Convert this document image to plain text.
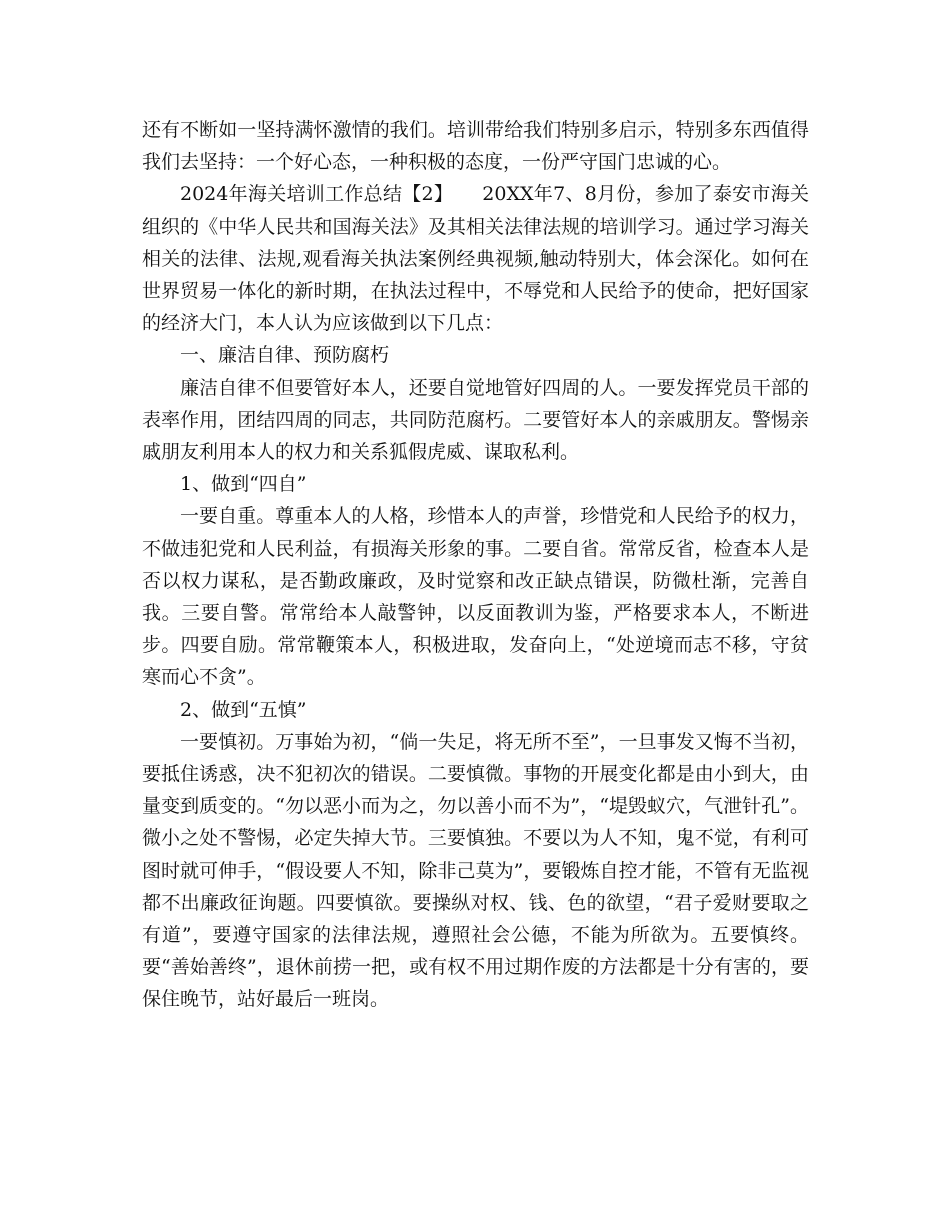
还有不断如一坚持满怀激情的我们。培训带给我们特别多启示，特别多东西值得我们去坚持：一个好心态，一种积极的态度，一份严守国门忠诚的心。

2024年海关培训工作总结【2】　　20XX年7、8月份，参加了泰安市海关组织的《中华人民共和国海关法》及其相关法律法规的培训学习。通过学习海关相关的法律、法规,观看海关执法案例经典视频,触动特别大，体会深化。如何在世界贸易一体化的新时期，在执法过程中，不辱党和人民给予的使命，把好国家的经济大门，本人认为应该做到以下几点：

一、廉洁自律、预防腐朽

廉洁自律不但要管好本人，还要自觉地管好四周的人。一要发挥党员干部的表率作用，团结四周的同志，共同防范腐朽。二要管好本人的亲戚朋友。警惕亲戚朋友利用本人的权力和关系狐假虎威、谋取私利。

1、做到“四自”

一要自重。尊重本人的人格，珍惜本人的声誉，珍惜党和人民给予的权力，不做违犯党和人民利益，有损海关形象的事。二要自省。常常反省，检查本人是否以权力谋私，是否勤政廉政，及时觉察和改正缺点错误，防微杜渐，完善自我。三要自警。常常给本人敲警钟，以反面教训为鉴，严格要求本人，不断进步。四要自励。常常鞭策本人，积极进取，发奋向上，“处逆境而志不移，守贫寒而心不贪”。

2、做到“五慎”

一要慎初。万事始为初，“倘一失足，将无所不至”，一旦事发又悔不当初，要抵住诱惑，决不犯初次的错误。二要慎微。事物的开展变化都是由小到大，由量变到质变的。“勿以恶小而为之，勿以善小而不为”，“堤毁蚁穴，气泄针孔”。微小之处不警惕，必定失掉大节。三要慎独。不要以为人不知，鬼不觉，有利可图时就可伸手，“假设要人不知，除非己莫为”，要锻炼自控才能，不管有无监视都不出廉政征询题。四要慎欲。要操纵对权、钱、色的欲望，“君子爱财要取之有道”，要遵守国家的法律法规，遵照社会公德，不能为所欲为。五要慎终。要“善始善终”，退休前捞一把，或有权不用过期作废的方法都是十分有害的，要保住晚节，站好最后一班岗。
